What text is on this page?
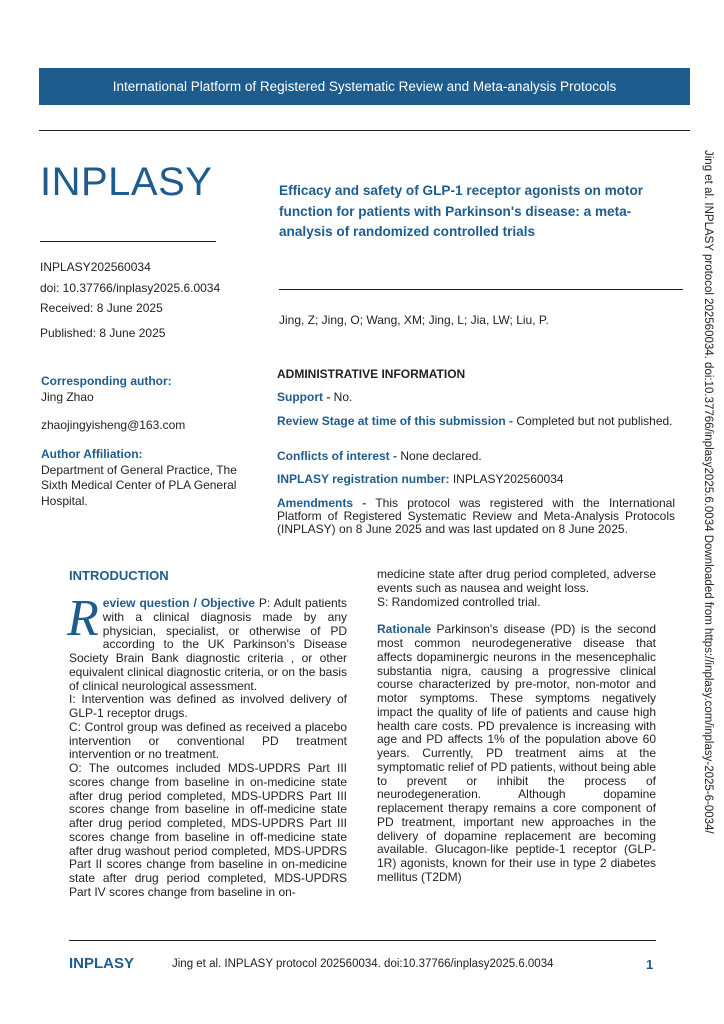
International Platform of Registered Systematic Review and Meta-analysis Protocols
INPLASY	Efficacy and safety of GLP-1 receptor agonists on motor function for patients with Parkinson's disease: a meta-analysis of randomized controlled trials
INPLASY202560034
doi: 10.37766/inplasy2025.6.0034
Received: 8 June 2025
Published: 8 June 2025
Jing, Z; Jing, O; Wang, XM; Jing, L; Jia, LW; Liu, P.
Corresponding author:
Jing Zhao
zhaojingyisheng@163.com
Author Affiliation:
Department of General Practice, The Sixth Medical Center of PLA General Hospital.
ADMINISTRATIVE INFORMATION
Support - No.
Review Stage at time of this submission - Completed but not published.
Conflicts of interest - None declared.
INPLASY registration number: INPLASY202560034
Amendments - This protocol was registered with the International Platform of Registered Systematic Review and Meta-Analysis Protocols (INPLASY) on 8 June 2025 and was last updated on 8 June 2025.	Jing et al. INPLASY protocol 202560034. doi:10.37766/inplasy2025.6.0034 Downloaded from https://inplasy.com/inplasy-2025-6-0034/
INTRODUCTION

Review question / Objective P: Adult patients with a clinical diagnosis made by any physician, specialist, or otherwise of PD according to the UK Parkinson's Disease Society Brain Bank diagnostic criteria , or other equivalent clinical diagnostic criteria, or on the basis of clinical neurological assessment.

I: Intervention was defined as involved delivery of GLP-1 receptor drugs.

C: Control group was defined as received a placebo intervention or conventional PD treatment intervention or no treatment.

O: The outcomes included MDS-UPDRS Part III scores change from baseline in on-medicine state after drug period completed, MDS-UPDRS Part III scores change from baseline in off-medicine state after drug period completed, MDS-UPDRS Part III scores change from baseline in off-medicine state after drug washout period completed, MDS-UPDRS Part II scores change from baseline in on-medicine state after drug period completed, MDS-UPDRS Part IV scores change from baseline in on-

medicine state after drug period completed, adverse events such as nausea and weight loss.

S: Randomized controlled trial.

Rationale Parkinson's disease (PD) is the second most common neurodegenerative disease that affects dopaminergic neurons in the mesencephalic substantia nigra, causing a progressive clinical course characterized by pre-motor, non-motor and motor symptoms. These symptoms negatively impact the quality of life of patients and cause high health care costs. PD prevalence is increasing with age and PD affects 1% of the population above 60 years. Currently, PD treatment aims at the symptomatic relief of PD patients, without being able to prevent or inhibit the process of neurodegeneration. Although dopamine replacement therapy remains a core component of PD treatment, important new approaches in the delivery of dopamine replacement are becoming available. Glucagon-like peptide-1 receptor (GLP-1R) agonists, known for their use in type 2 diabetes mellitus (T2DM)

INPLASY	Jing et al. INPLASY protocol 202560034. doi:10.37766/inplasy2025.6.0034	1
